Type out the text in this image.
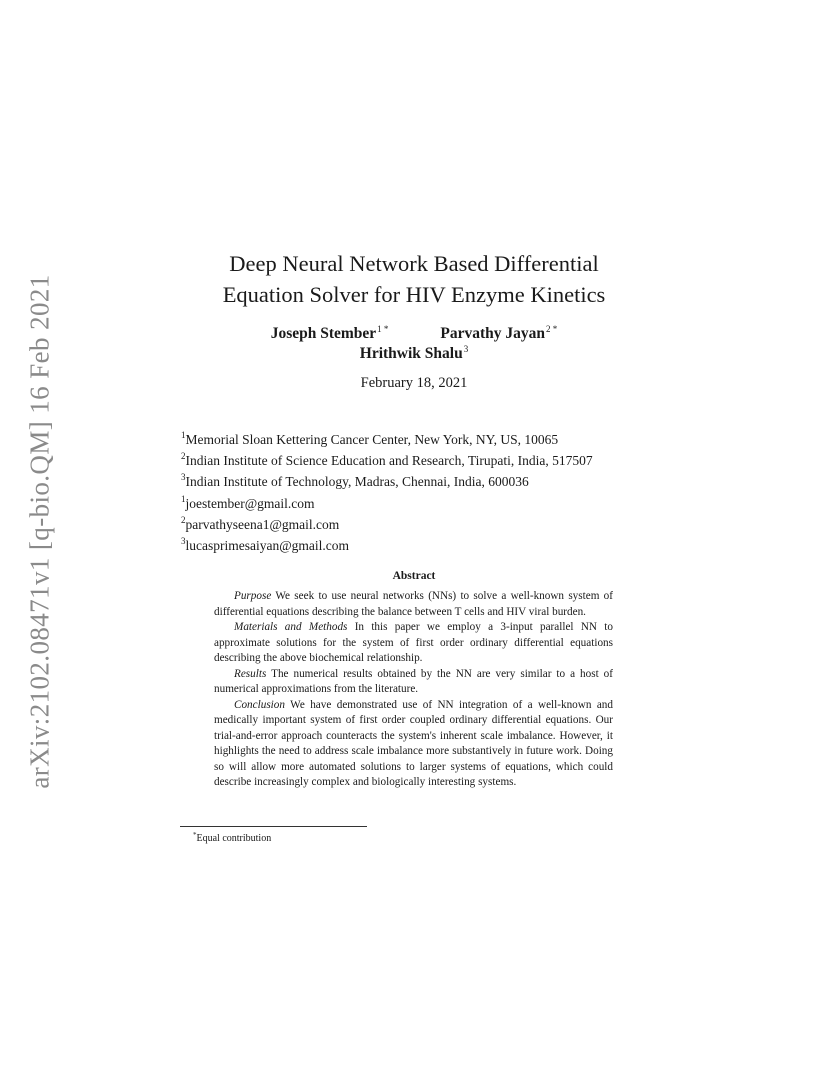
arXiv:2102.08471v1 [q-bio.QM] 16 Feb 2021
Deep Neural Network Based Differential
Equation Solver for HIV Enzyme Kinetics
Joseph Stember$^{1 *}$	Parvathy Jayan$^{2 *}$
Hrithwik Shalu$^3$
February 18, 2021
$^1$Memorial Sloan Kettering Cancer Center, New York, NY, US, 10065
$^2$Indian Institute of Science Education and Research, Tirupati, India, 517507
$^3$Indian Institute of Technology, Madras, Chennai, India, 600036
$^1$joestember@gmail.com
$^2$parvathyseena1@gmail.com
$^3$lucasprimesaiyan@gmail.com
Abstract

Purpose We seek to use neural networks (NNs) to solve a well-known system of differential equations describing the balance between T cells and HIV viral burden.

Materials and Methods In this paper we employ a 3-input parallel NN to approximate solutions for the system of first order ordinary differential equations describing the above biochemical relationship.

Results The numerical results obtained by the NN are very similar to a host of numerical approximations from the literature.

Conclusion We have demonstrated use of NN integration of a well-known and medically important system of first order coupled ordinary differential equations. Our trial-and-error approach counteracts the system's inherent scale imbalance. However, it highlights the need to address scale imbalance more substantively in future work. Doing so will allow more automated solutions to larger systems of equations, which could describe increasingly complex and biologically interesting systems.

*Equal contribution
